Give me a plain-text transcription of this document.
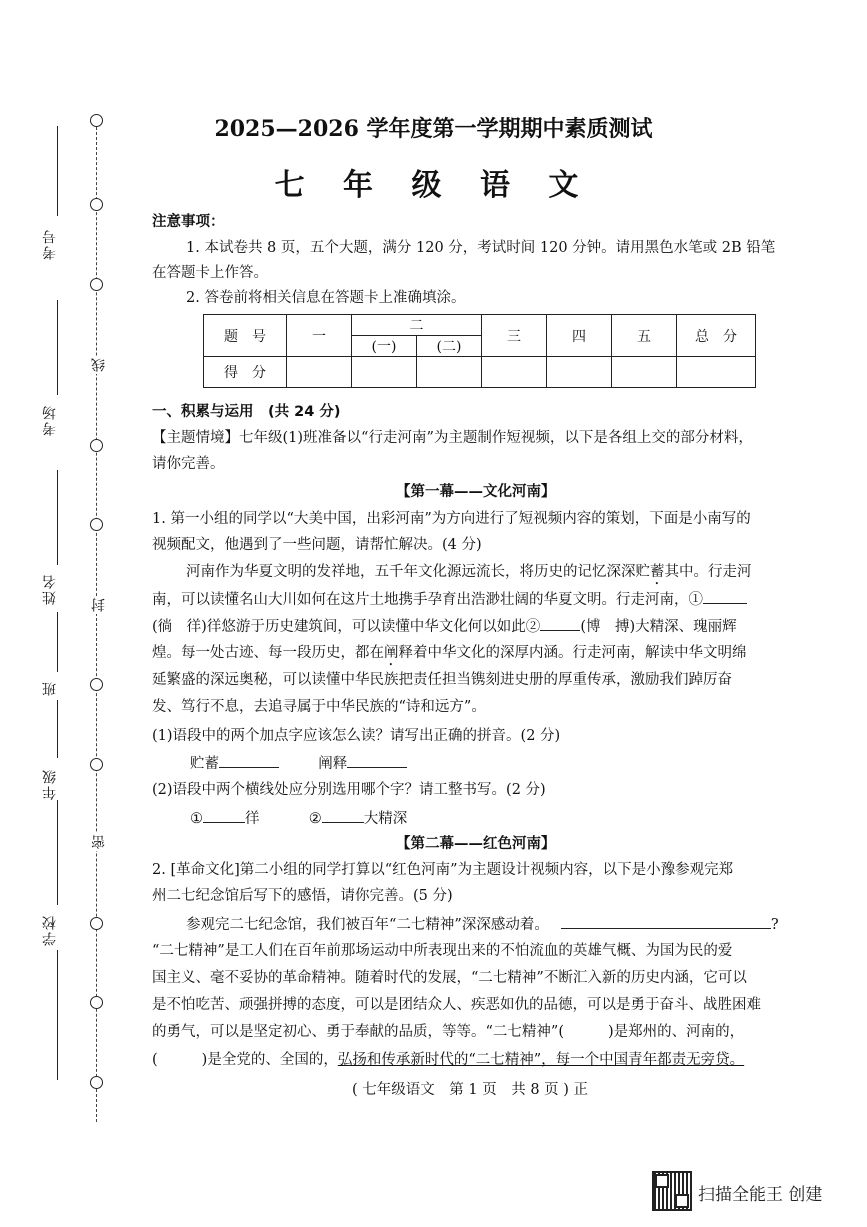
线
封
密
考号
考场
姓名
班
年级
学校
2025—2026 学年度第一学期期中素质测试
七 年 级 语 文
注意事项：
1. 本试卷共 8 页，五个大题，满分 120 分，考试时间 120 分钟。请用黑色水笔或 2B 铅笔
在答题卡上作答。
2. 答卷前将相关信息在答题卡上准确填涂。
题　号	一	二		三	四	五	总　分
		(一)	(二)				
得　分							
一、积累与运用　(共 24 分)
【主题情境】七年级(1)班准备以“行走河南”为主题制作短视频，以下是各组上交的部分材料，
请你完善。
【第一幕——文化河南】
1. 第一小组的同学以“大美中国，出彩河南”为方向进行了短视频内容的策划，下面是小南写的
视频配文，他遇到了一些问题，请帮忙解决。(4 分)
河南作为华夏文明的发祥地，五千年文化源远流长，将历史的记忆深深贮蓄其中。行走河
南，可以读懂名山大川如何在这片土地携手孕育出浩渺壮阔的华夏文明。行走河南，①
(徜　徉)徉悠游于历史建筑间，可以读懂中华文化何以如此②	(博　搏)大精深、瑰丽辉
煌。每一处古迹、每一段历史，都在阐释着中华文化的深厚内涵。行走河南，解读中华文明绵
延繁盛的深远奥秘，可以读懂中华民族把责任担当镌刻进史册的厚重传承，激励我们踔厉奋
发、笃行不息，去追寻属于中华民族的“诗和远方”。
(1)语段中的两个加点字应该怎么读？请写出正确的拼音。(2 分)
贮蓄	阐释
(2)语段中两个横线处应分别选用哪个字？请工整书写。(2 分)
①	徉	②	大精深
【第二幕——红色河南】
2. [革命文化]第二小组的同学打算以“红色河南”为主题设计视频内容，以下是小豫参观完郑
州二七纪念馆后写下的感悟，请你完善。(5 分)
参观完二七纪念馆，我们被百年“二七精神”深深感动着。	?
“二七精神”是工人们在百年前那场运动中所表现出来的不怕流血的英雄气概、为国为民的爱
国主义、毫不妥协的革命精神。随着时代的发展，“二七精神”不断汇入新的历史内涵，它可以
是不怕吃苦、顽强拼搏的态度，可以是团结众人、疾恶如仇的品德，可以是勇于奋斗、战胜困难
的勇气，可以是坚定初心、勇于奉献的品质，等等。“二七精神”(	)是郑州的、河南的，
(	)是全党的、全国的，弘扬和传承新时代的“二七精神”，每一个中国青年都责无旁贷。
( 七年级语文　第 1 页　共 8 页 ) 正
扫描全能王 创建
